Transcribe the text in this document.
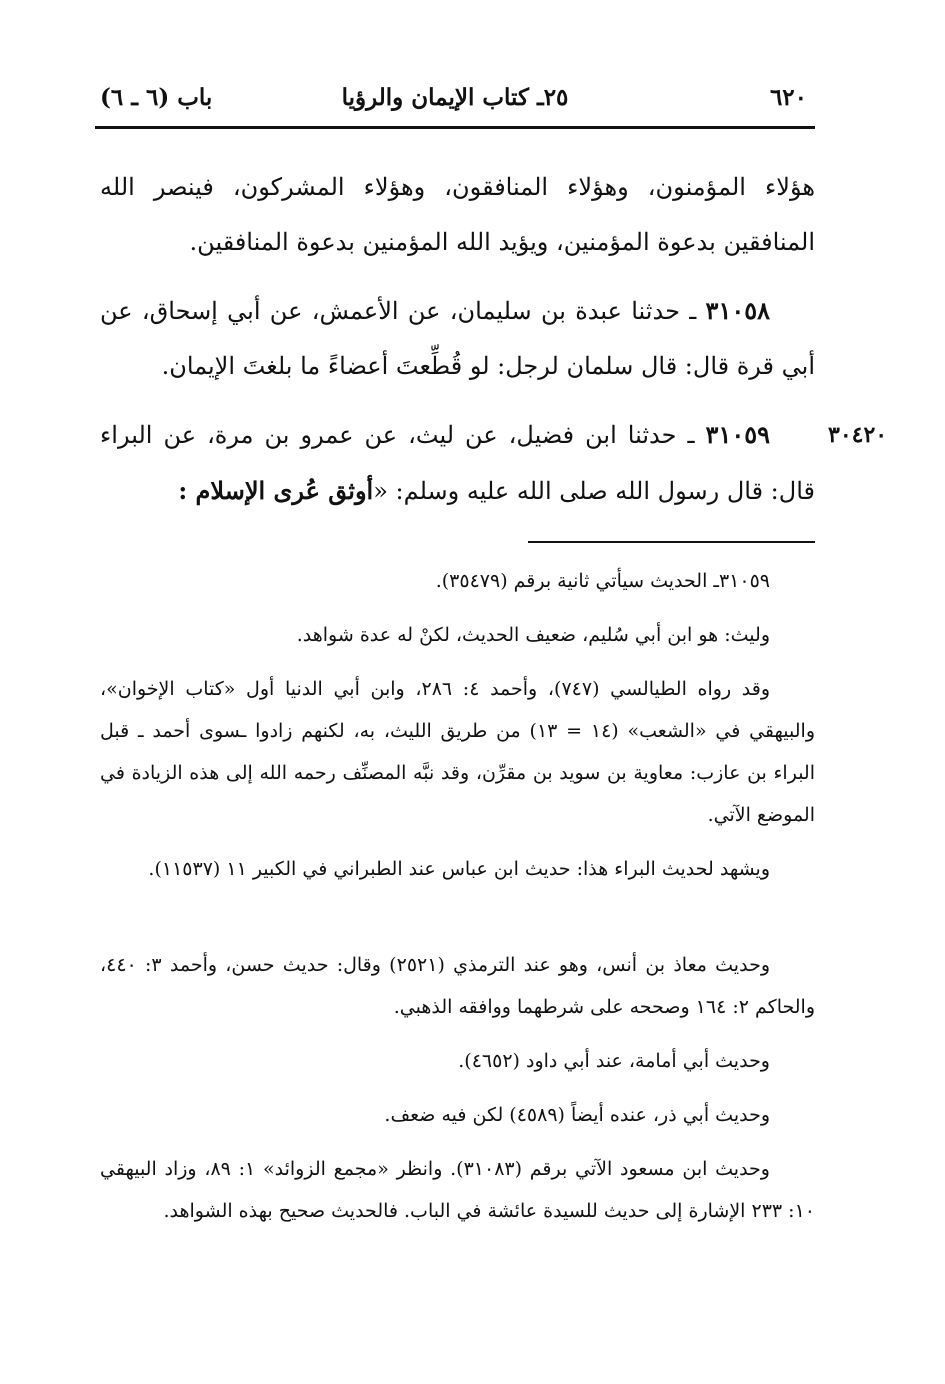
٦٢٠
٢٥ـ كتاب الإيمان والرؤيا
باب (٦ ـ ٦)
هؤلاء المؤمنون، وهؤلاء المنافقون، وهؤلاء المشركون، فينصر الله المنافقين بدعوة المؤمنين، ويؤيد الله المؤمنين بدعوة المنافقين.
٣١٠٥٨ ـ حدثنا عبدة بن سليمان، عن الأعمش، عن أبي إسحاق، عن أبي قرة قال: قال سلمان لرجل: لو قُطِّعتَ أعضاءً ما بلغتَ الإيمان.
٣٠٤٢٠
٣١٠٥٩ ـ حدثنا ابن فضيل، عن ليث، عن عمرو بن مرة، عن البراء قال: قال رسول الله صلى الله عليه وسلم: «أوثق عُرى الإسلام :
٣١٠٥٩ـ الحديث سيأتي ثانية برقم (٣٥٤٧٩).
وليث: هو ابن أبي سُليم، ضعيف الحديث، لكنْ له عدة شواهد.
وقد رواه الطيالسي (٧٤٧)، وأحمد ٤: ٢٨٦، وابن أبي الدنيا أول «كتاب الإخوان»، والبيهقي في «الشعب» (١٤ = ١٣) من طريق الليث، به، لكنهم زادوا ـسوى أحمد ـ قبل البراء بن عازب: معاوية بن سويد بن مقرِّن، وقد نبَّه المصنِّف رحمه الله إلى هذه الزيادة في الموضع الآتي.
ويشهد لحديث البراء هذا: حديث ابن عباس عند الطبراني في الكبير ١١ (١١٥٣٧).
وحديث معاذ بن أنس، وهو عند الترمذي (٢٥٢١) وقال: حديث حسن، وأحمد ٣: ٤٤٠، والحاكم ٢: ١٦٤ وصححه على شرطهما ووافقه الذهبي.
وحديث أبي أمامة، عند أبي داود (٤٦٥٢).
وحديث أبي ذر، عنده أيضاً (٤٥٨٩) لكن فيه ضعف.
وحديث ابن مسعود الآتي برقم (٣١٠٨٣). وانظر «مجمع الزوائد» ١: ٨٩، وزاد البيهقي ١٠: ٢٣٣ الإشارة إلى حديث للسيدة عائشة في الباب. فالحديث صحيح بهذه الشواهد.
